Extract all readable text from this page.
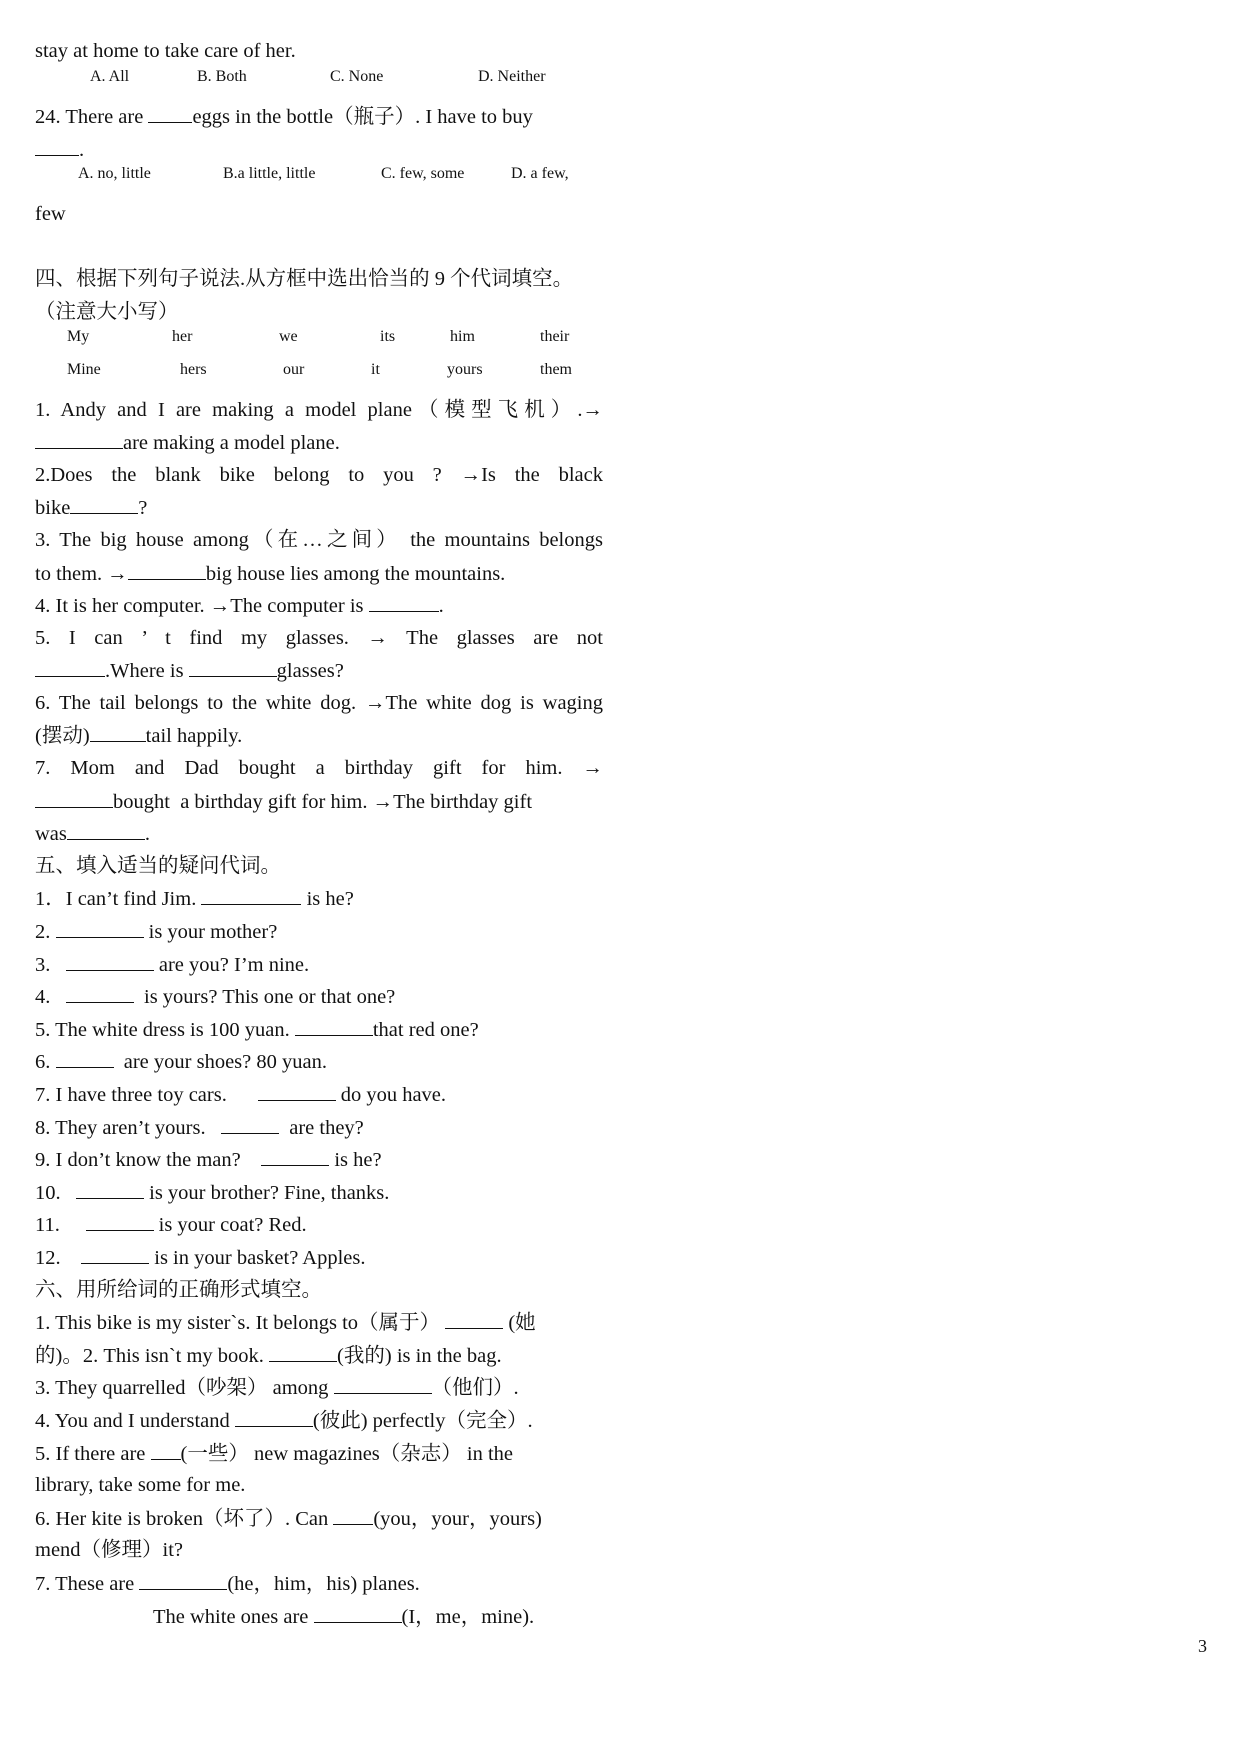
stay at home to take care of her.
A. All	B. Both	C. None	D. Neither
24. There are eggs in the bottle（瓶子）. I have to buy
.
A. no, little	B.a little, little	C. few, some	D. a few,
few
四、根据下列句子说法.从方框中选出恰当的 9 个代词填空。
（注意大小写）
My	her	we	its	him	their
Mine	hers	our	it	yours	them
1. Andy and I are making a model plane（模型飞机）.→
are making a model plane.
2.Does the blank bike belong to you ? →Is the black
bike	?
3. The big house among（在…之间） the mountains belongs
to them. →	big house lies among the mountains.
4. It is her computer. →The computer is	.
5. I can ’ t find my glasses. → The glasses are not
.Where is	glasses?
6. The tail belongs to the white dog. →The white dog is waging
(摆动)	tail happily.
7. Mom and Dad bought a birthday gift for him. →
bought  a birthday gift for him. →The birthday gift
was	.
五、填入适当的疑问代词。
1．I can’t find Jim.	is he?
2.	is your mother?
3.	are you? I’m nine.
4.	is yours? This one or that one?
5. The white dress is 100 yuan.	that red one?
6.	are your shoes? 80 yuan.
7. I have three toy cars.	do you have.
8. They aren’t yours.	are they?
9. I don’t know the man?	is he?
10.	is your brother? Fine, thanks.
11.	is your coat? Red.
12.	is in your basket? Apples.
六、用所给词的正确形式填空。
1. This bike is my sister`s. It belongs to（属于）	(她
的)。2. This isn`t my book.	(我的) is in the bag.
3. They quarrelled（吵架） among	（他们）.
4. You and I understand	(彼此) perfectly（完全）.
5. If there are (一些） new magazines（杂志） in the
library, take some for me.
6. Her kite is broken（坏了）. Can (you，your，yours)
mend（修理）it?
7. These are	(he，him，his) planes.
The white ones are	(I，me，mine).
3
